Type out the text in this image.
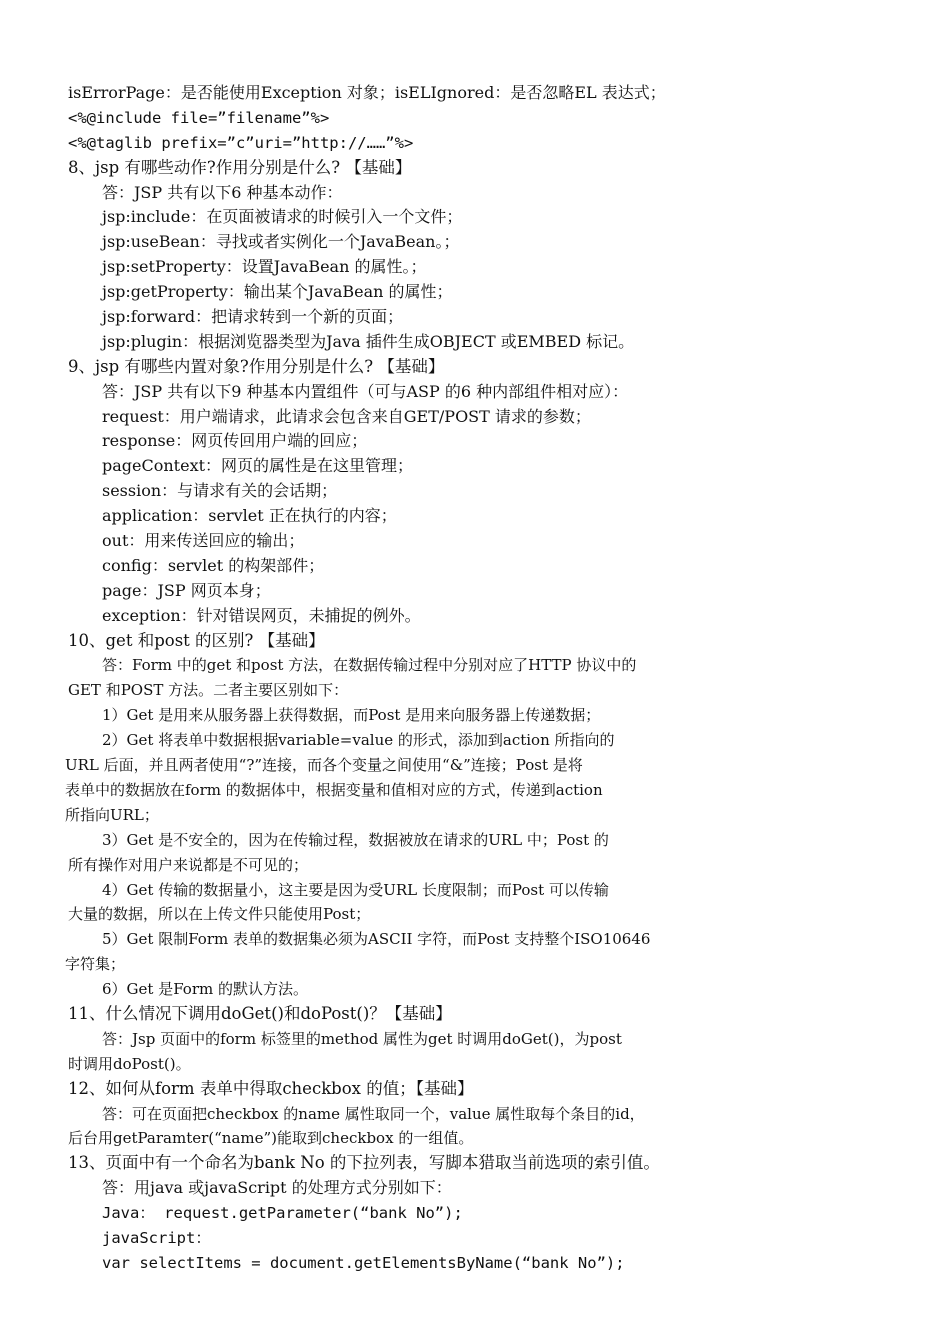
isErrorPage：是否能使用Exception 对象；isELIgnored：是否忽略EL 表达式；
<%@include file=”filename”%>
<%@taglib prefix=”c”uri=”http://……”%>
8、jsp 有哪些动作?作用分别是什么? 【基础】
答：JSP 共有以下6 种基本动作：
jsp:include：在页面被请求的时候引入一个文件；
jsp:useBean：寻找或者实例化一个JavaBean。；
jsp:setProperty：设置JavaBean 的属性。；
jsp:getProperty：输出某个JavaBean 的属性；
jsp:forward：把请求转到一个新的页面；
jsp:plugin：根据浏览器类型为Java 插件生成OBJECT 或EMBED 标记。
9、jsp 有哪些内置对象?作用分别是什么? 【基础】
答：JSP 共有以下9 种基本内置组件（可与ASP 的6 种内部组件相对应）：
request：用户端请求，此请求会包含来自GET/POST 请求的参数；
response：网页传回用户端的回应；
pageContext：网页的属性是在这里管理；
session：与请求有关的会话期；
application：servlet 正在执行的内容；
out：用来传送回应的输出；
config：servlet 的构架部件；
page：JSP 网页本身；
exception：针对错误网页，未捕捉的例外。
10、get 和post 的区别? 【基础】
答：Form 中的get 和post 方法，在数据传输过程中分别对应了HTTP 协议中的
GET 和POST 方法。二者主要区别如下：
1）Get 是用来从服务器上获得数据，而Post 是用来向服务器上传递数据；
2）Get 将表单中数据根据variable=value 的形式，添加到action 所指向的
URL 后面，并且两者使用“?”连接，而各个变量之间使用“&”连接；Post 是将
表单中的数据放在form 的数据体中，根据变量和值相对应的方式，传递到action
所指向URL；
3）Get 是不安全的，因为在传输过程，数据被放在请求的URL 中；Post 的
所有操作对用户来说都是不可见的；
4）Get 传输的数据量小，这主要是因为受URL 长度限制；而Post 可以传输
大量的数据，所以在上传文件只能使用Post；
5）Get 限制Form 表单的数据集必须为ASCII 字符，而Post 支持整个ISO10646
字符集；
6）Get 是Form 的默认方法。
11、什么情况下调用doGet()和doPost()？【基础】
答：Jsp 页面中的form 标签里的method 属性为get 时调用doGet()，为post
时调用doPost()。
12、如何从form 表单中得取checkbox 的值；【基础】
答：可在页面把checkbox 的name 属性取同一个，value 属性取每个条目的id，
后台用getParamter(“name”)能取到checkbox 的一组值。
13、页面中有一个命名为bank No 的下拉列表，写脚本猎取当前选项的索引值。
答：用java 或javaScript 的处理方式分别如下：
Java： request.getParameter(“bank No”);
javaScript：
var selectItems = document.getElementsByName(“bank No”);
